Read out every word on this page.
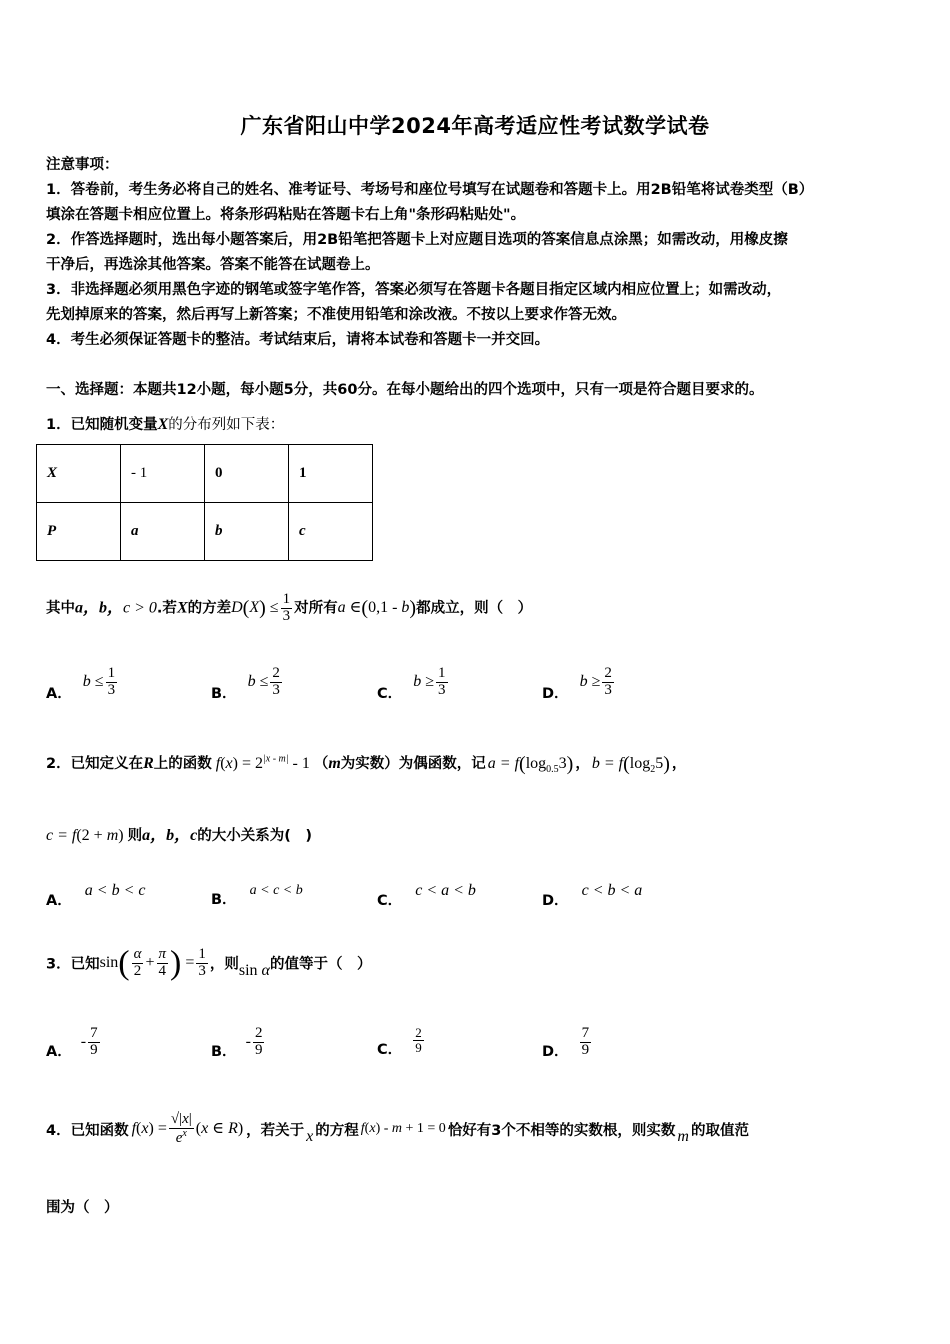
广东省阳山中学2024年高考适应性考试数学试卷
注意事项：
1．答卷前，考生务必将自己的姓名、准考证号、考场号和座位号填写在试题卷和答题卡上。用2B铅笔将试卷类型（B）
填涂在答题卡相应位置上。将条形码粘贴在答题卡右上角"条形码粘贴处"。
2．作答选择题时，选出每小题答案后，用2B铅笔把答题卡上对应题目选项的答案信息点涂黑；如需改动，用橡皮擦
干净后，再选涂其他答案。答案不能答在试题卷上。
3．非选择题必须用黑色字迹的钢笔或签字笔作答，答案必须写在答题卡各题目指定区域内相应位置上；如需改动，
先划掉原来的答案，然后再写上新答案；不准使用铅笔和涂改液。不按以上要求作答无效。
4．考生必须保证答题卡的整洁。考试结束后，请将本试卷和答题卡一并交回。
一、选择题：本题共12小题，每小题5分，共60分。在每小题给出的四个选项中，只有一项是符合题目要求的。
1．已知随机变量X的分布列如下表：
X	- 1	0	1
P	a	b	c
其中a，b，c > 0.若X的方差$D(X) \le \frac{1}{3}$ 对所有a ∈(0,1 - b)都成立，则（　）
A． $b \le \frac{1}{3}$	B． $b \le \frac{2}{3}$	C． $b \ge \frac{1}{3}$	D． $b \ge \frac{2}{3}$
2．已知定义在R上的函数 $f(x) = 2^{|x - m|} - 1$ （m为实数）为偶函数，记 $a = f(\log_{0.5}3)$ ， $b = f(\log_25)$ ，
c = f(2 + m) 则a，b，c的大小关系为(　)
A． a < b < c
B． a < c < b
C． c < a < b
D． c < b < a
3．已知$\sin( \frac{\alpha}{2} + \frac{\pi}{4}$ ) = $\frac{1}{3}$ ，则sin α的值等于（　）
A． - $\frac{7}{9}$	B． - $\frac{2}{9}$	C． $\frac{2}{9}$	D． $\frac{7}{9}$
4．已知函数 $f(x) = \frac{√|x|}{e^x} (x$ ∈ R) ，若关于 x 的方程 f(x) - m + 1 = 0 恰好有3个不相等的实数根，则实数 m 的取值范
围为（　）
